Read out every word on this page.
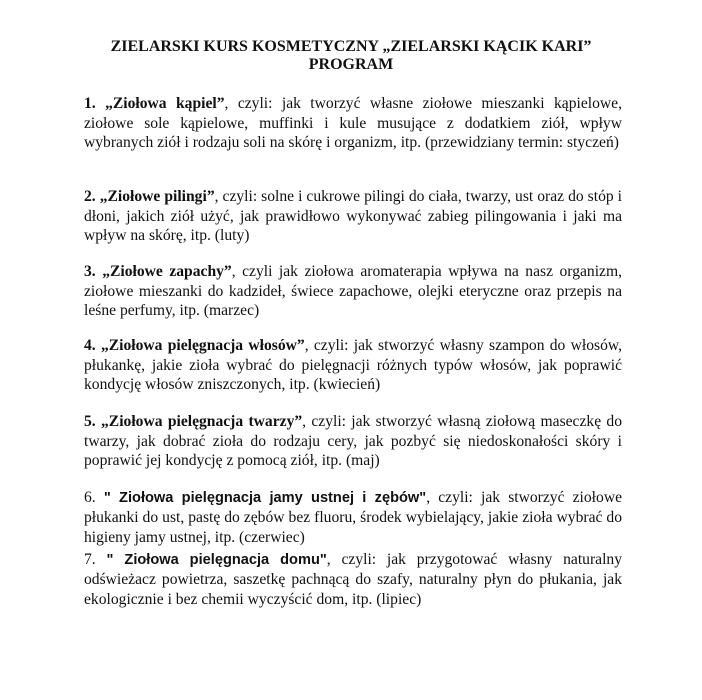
ZIELARSKI KURS KOSMETYCZNY „ZIELARSKI KĄCIK KARI”
PROGRAM

1. „Ziołowa kąpiel”, czyli: jak tworzyć własne ziołowe mieszanki kąpielowe, ziołowe sole kąpielowe, muffinki i kule musujące z dodatkiem ziół, wpływ wybranych ziół i rodzaju soli na skórę i organizm, itp. (przewidziany termin: styczeń)

2. „Ziołowe pilingi”, czyli: solne i cukrowe pilingi do ciała, twarzy, ust oraz do stóp i dłoni, jakich ziół użyć, jak prawidłowo wykonywać zabieg pilingowania i jaki ma wpływ na skórę, itp. (luty)

3. „Ziołowe zapachy”, czyli jak ziołowa aromaterapia wpływa na nasz organizm, ziołowe mieszanki do kadzideł, świece zapachowe, olejki eteryczne oraz przepis na leśne perfumy, itp. (marzec)

4. „Ziołowa pielęgnacja włosów”, czyli: jak stworzyć własny szampon do włosów, płukankę, jakie zioła wybrać do pielęgnacji różnych typów włosów, jak poprawić kondycję włosów zniszczonych, itp. (kwiecień)

5. „Ziołowa pielęgnacja twarzy”, czyli: jak stworzyć własną ziołową maseczkę do twarzy, jak dobrać zioła do rodzaju cery, jak pozbyć się niedoskonałości skóry i poprawić jej kondycję z pomocą ziół, itp. (maj)

6. " Ziołowa pielęgnacja jamy ustnej i zębów", czyli: jak stworzyć ziołowe płukanki do ust, pastę do zębów bez fluoru, środek wybielający, jakie zioła wybrać do higieny jamy ustnej, itp. (czerwiec)

7. " Ziołowa pielęgnacja domu", czyli: jak przygotować własny naturalny odświeżacz powietrza, saszetkę pachnącą do szafy, naturalny płyn do płukania, jak ekologicznie i bez chemii wyczyścić dom, itp. (lipiec)
